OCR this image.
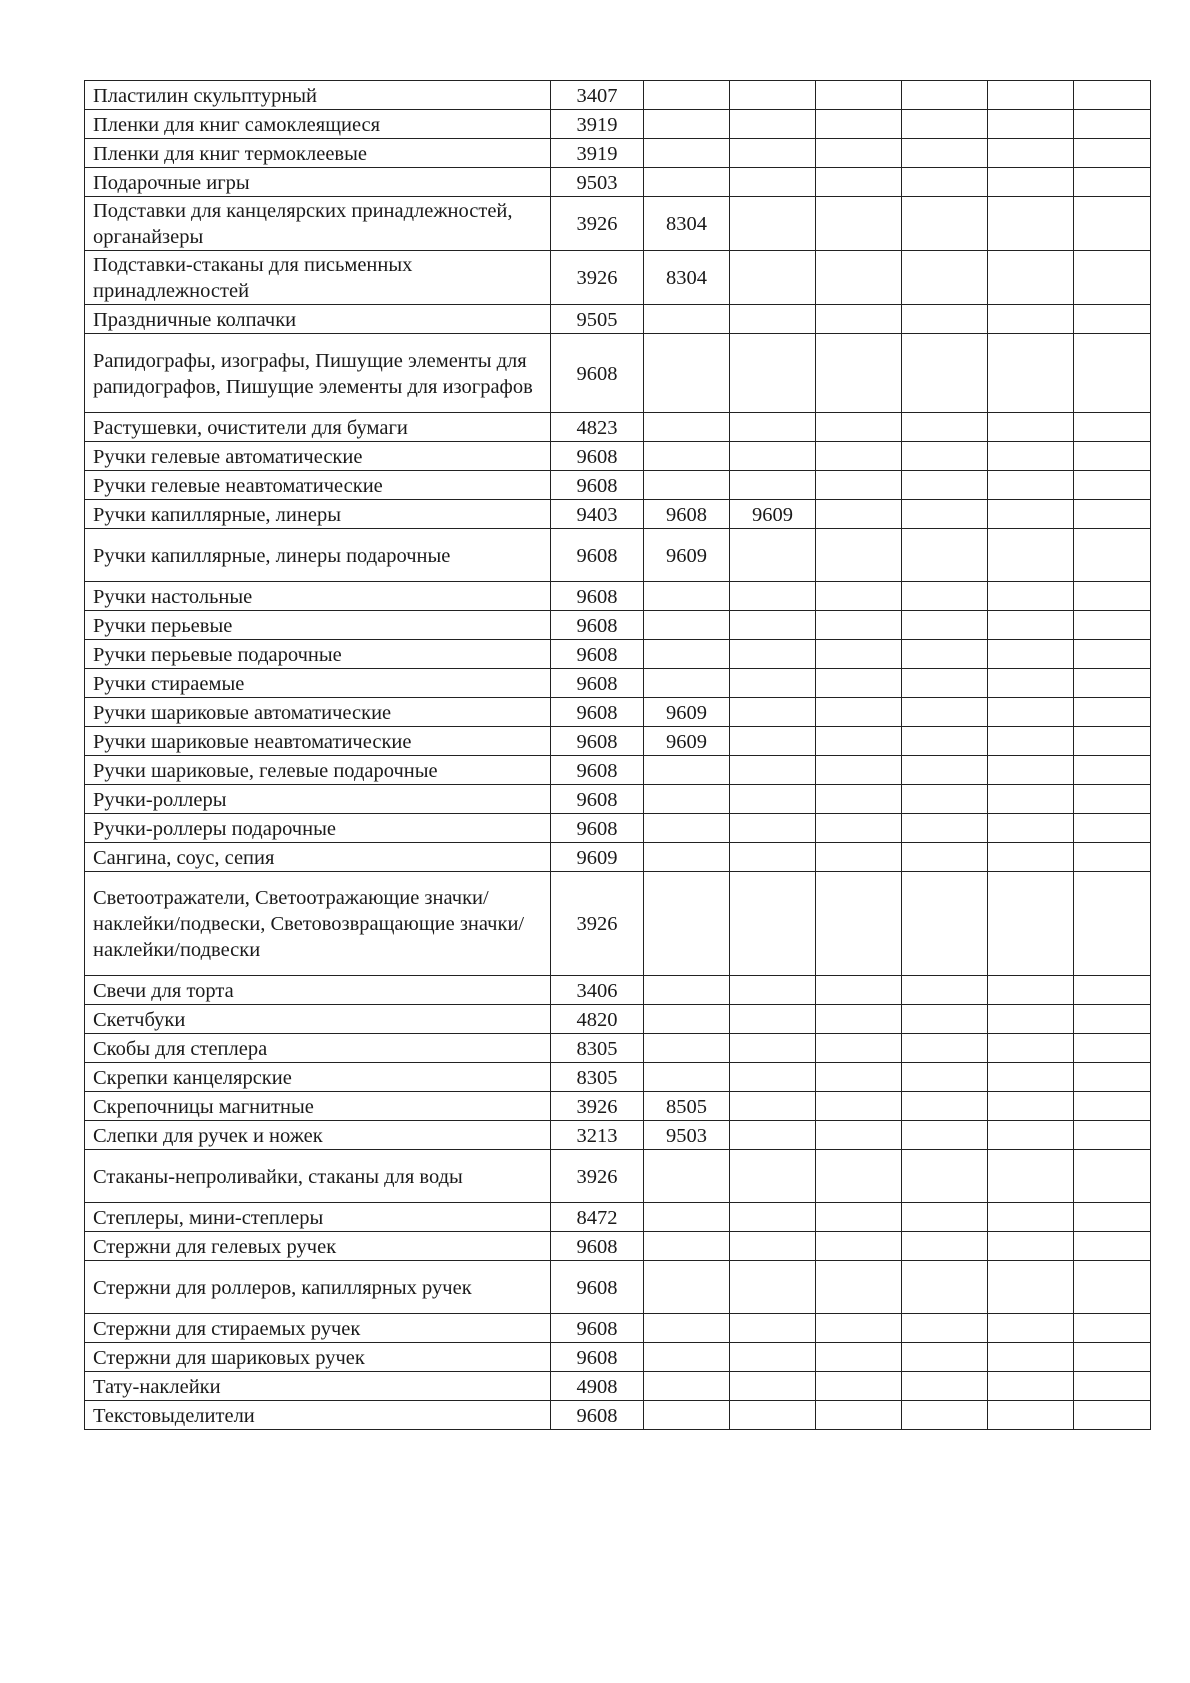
Пластилин скульптурный	3407						
Пленки для книг самоклеящиеся	3919						
Пленки для книг термоклеевые	3919						
Подарочные игры	9503						
Подставки для канцелярских принадлежностей, органайзеры	3926	8304					
Подставки-стаканы для письменных принадлежностей	3926	8304					
Праздничные колпачки	9505						
Рапидографы, изографы, Пишущие элементы для рапидографов, Пишущие элементы для изографов	9608						
Растушевки, очистители для бумаги	4823						
Ручки гелевые автоматические	9608						
Ручки гелевые неавтоматические	9608						
Ручки капиллярные, линеры	9403	9608	9609				
Ручки капиллярные, линеры подарочные	9608	9609					
Ручки настольные	9608						
Ручки перьевые	9608						
Ручки перьевые подарочные	9608						
Ручки стираемые	9608						
Ручки шариковые автоматические	9608	9609					
Ручки шариковые неавтоматические	9608	9609					
Ручки шариковые, гелевые подарочные	9608						
Ручки-роллеры	9608						
Ручки-роллеры подарочные	9608						
Сангина, соус, сепия	9609						
Светоотражатели, Светоотражающие значки/наклейки/подвески, Световозвращающие значки/наклейки/подвески	3926						
Свечи для торта	3406						
Скетчбуки	4820						
Скобы для степлера	8305						
Скрепки канцелярские	8305						
Скрепочницы магнитные	3926	8505					
Слепки для ручек и ножек	3213	9503					
Стаканы-непроливайки, стаканы для воды	3926						
Степлеры, мини-степлеры	8472						
Стержни для гелевых ручек	9608						
Стержни для роллеров, капиллярных ручек	9608						
Стержни для стираемых ручек	9608						
Стержни для шариковых ручек	9608						
Тату-наклейки	4908						
Текстовыделители	9608						
